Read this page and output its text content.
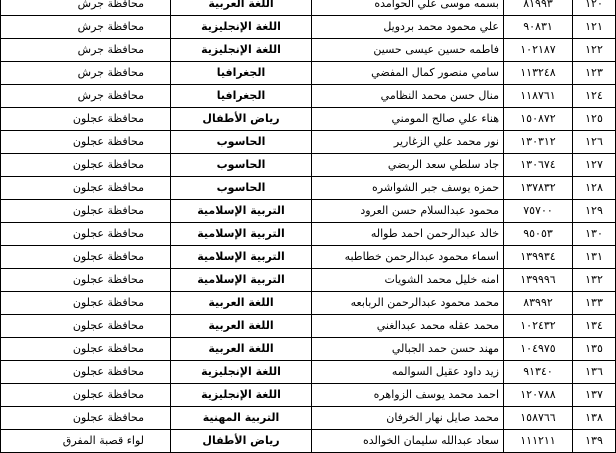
١٢٠	٨١٩٩٣	بسمه موسى علي الحوامده	اللغة العربية	محافظة جرش
١٢١	٩٠٨٣١	علي محمود محمد بردويل	اللغة الإنجليزية	محافظة جرش
١٢٢	١٠٢١٨٧	فاطمه حسين عيسى حسين	اللغة الإنجليزية	محافظة جرش
١٢٣	١١٣٢٤٨	سامي منصور كمال المفضي	الجغرافيا	محافظة جرش
١٢٤	١١٨٧٦١	منال حسن محمد النظامي	الجغرافيا	محافظة جرش
١٢٥	١٥٠٨٧٢	هناء علي صالح المومني	رياض الأطفال	محافظة عجلون
١٢٦	١٣٠٣١٢	نور محمد علي الزغارير	الحاسوب	محافظة عجلون
١٢٧	١٣٠٦٧٤	جاد سلطي سعد الربضي	الحاسوب	محافظة عجلون
١٢٨	١٣٧٨٣٢	حمزه يوسف جبر الشواشره	الحاسوب	محافظة عجلون
١٢٩	٧٥٧٠٠	محمود عبدالسلام حسن العرود	التربية الإسلامية	محافظة عجلون
١٣٠	٩٥٠٥٣	خالد عبدالرحمن احمد طواله	التربية الإسلامية	محافظة عجلون
١٣١	١٣٩٩٣٤	اسماء محمود عبدالرحمن خطاطبه	التربية الإسلامية	محافظة عجلون
١٣٢	١٣٩٩٩٦	امنه خليل محمد الشويات	التربية الإسلامية	محافظة عجلون
١٣٣	٨٣٩٩٢	محمد محمود عبدالرحمن الربابعه	اللغة العربية	محافظة عجلون
١٣٤	١٠٢٤٣٢	محمد عقله محمد عبدالغني	اللغة العربية	محافظة عجلون
١٣٥	١٠٤٩٧٥	مهند حسن حمد الجبالي	اللغة العربية	محافظة عجلون
١٣٦	٩١٣٤٠	زيد داود عقيل السوالمه	اللغة الإنجليزية	محافظة عجلون
١٣٧	١٢٠٧٨٨	احمد محمد يوسف الزواهره	اللغة الإنجليزية	محافظة عجلون
١٣٨	١٥٨٧٦٦	محمد صايل نهار الخرفان	التربية المهنية	محافظة عجلون
١٣٩	١١١٢١١	سعاد عبدالله سليمان الخوالده	رياض الأطفال	لواء قصبة المفرق
